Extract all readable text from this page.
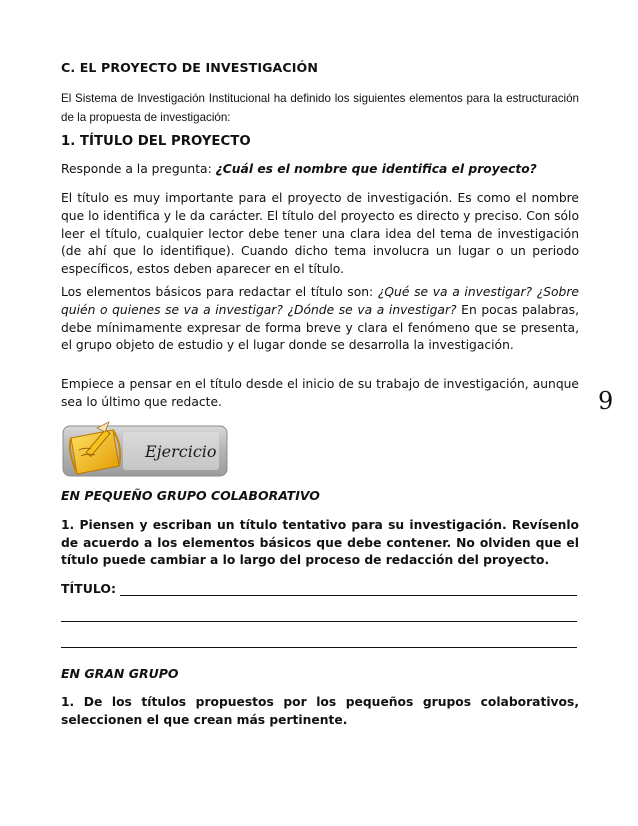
C. EL PROYECTO DE INVESTIGACIÓN
El Sistema de Investigación Institucional ha definido los siguientes elementos para la estructuración de la propuesta de investigación:
1. TÍTULO DEL PROYECTO
Responde a la pregunta: ¿Cuál es el nombre que identifica el proyecto?
El título es muy importante para el proyecto de investigación. Es como el nombre que lo identifica y le da carácter. El título del proyecto es directo y preciso. Con sólo leer el título, cualquier lector debe tener una clara idea del tema de investigación (de ahí que lo identifique). Cuando dicho tema involucra un lugar o un periodo específicos, estos deben aparecer en el título.
Los elementos básicos para redactar el título son: ¿Qué se va a investigar? ¿Sobre quién o quienes se va a investigar? ¿Dónde se va a investigar? En pocas palabras, debe mínimamente expresar de forma breve y clara el fenómeno que se presenta, el grupo objeto de estudio y el lugar donde se desarrolla la investigación.
Empiece a pensar en el título desde el inicio de su trabajo de investigación, aunque sea lo último que redacte.
EN PEQUEÑO GRUPO COLABORATIVO
1. Piensen y escriban un título tentativo para su investigación. Revísenlo de acuerdo a los elementos básicos que debe contener. No olviden que el título puede cambiar a lo largo del proceso de redacción del proyecto.
TÍTULO:
EN GRAN GRUPO
1. De los títulos propuestos por los pequeños grupos colaborativos, seleccionen el que crean más pertinente.
9
Ejercicio
